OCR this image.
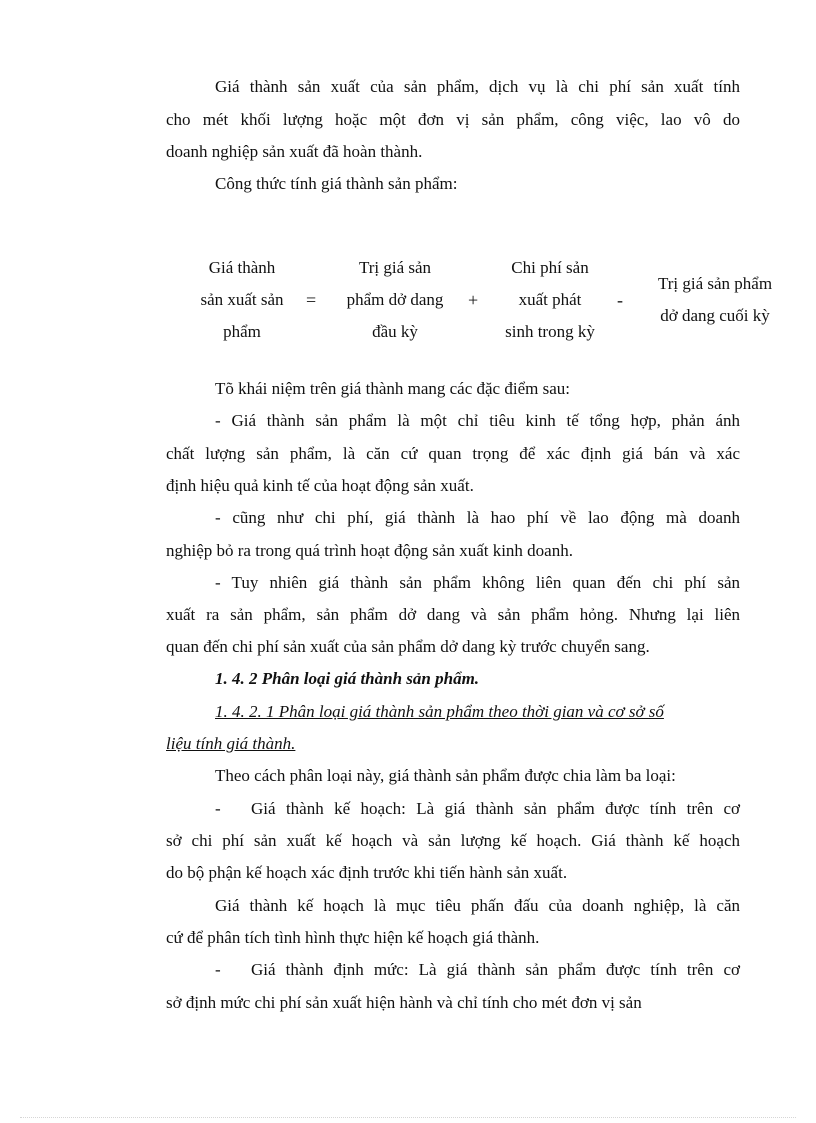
Giá thành sản xuất của sản phẩm, dịch vụ là chi phí sản xuất tính
cho mét khối lượng hoặc một đơn vị sản phẩm, công việc, lao vô do
doanh nghiệp sản xuất đã hoàn thành.
Công thức tính giá thành sản phẩm:
Giá thành
sản xuất sản
phẩm
=
Trị giá sản
phẩm dở dang
đầu kỳ
+
Chi phí sản
xuất phát
sinh trong kỳ
-
Trị giá sản phẩm
dở dang cuối kỳ
Tõ khái niệm trên giá thành mang các đặc điểm sau:
- Giá thành sản phẩm là một chỉ tiêu kinh tế tổng hợp, phản ánh
chất lượng sản phẩm, là căn cứ quan trọng để xác định giá bán và xác
định hiệu quả kinh tế của hoạt động sản xuất.
- cũng như chi phí, giá thành là hao phí về lao động mà doanh
nghiệp bỏ ra trong quá trình hoạt động sản xuất kinh doanh.
- Tuy nhiên giá thành sản phẩm không liên quan đến chi phí sản
xuất ra sản phẩm, sản phẩm dở dang và sản phẩm hỏng. Nhưng lại liên
quan đến chi phí sản xuất của sản phẩm dở dang kỳ trước chuyển sang.
1. 4. 2 Phân loại giá thành sản phẩm.
1. 4. 2. 1 Phân loại giá thành sản phẩm theo thời gian và cơ sở số
liệu tính giá thành.
Theo cách phân loại này, giá thành sản phẩm được chia làm ba loại:
-	Giá thành kế hoạch: Là giá thành sản phẩm được tính trên cơ
sở chi phí sản xuất kế hoạch và sản lượng kế hoạch. Giá thành kế hoạch
do bộ phận kế hoạch xác định trước khi tiến hành sản xuất.
Giá thành kế hoạch là mục tiêu phấn đấu của doanh nghiệp, là căn
cứ để phân tích tình hình thực hiện kế hoạch giá thành.
-	Giá thành định mức: Là giá thành sản phẩm được tính trên cơ
sở định mức chi phí sản xuất hiện hành và chỉ tính cho mét đơn vị sản
